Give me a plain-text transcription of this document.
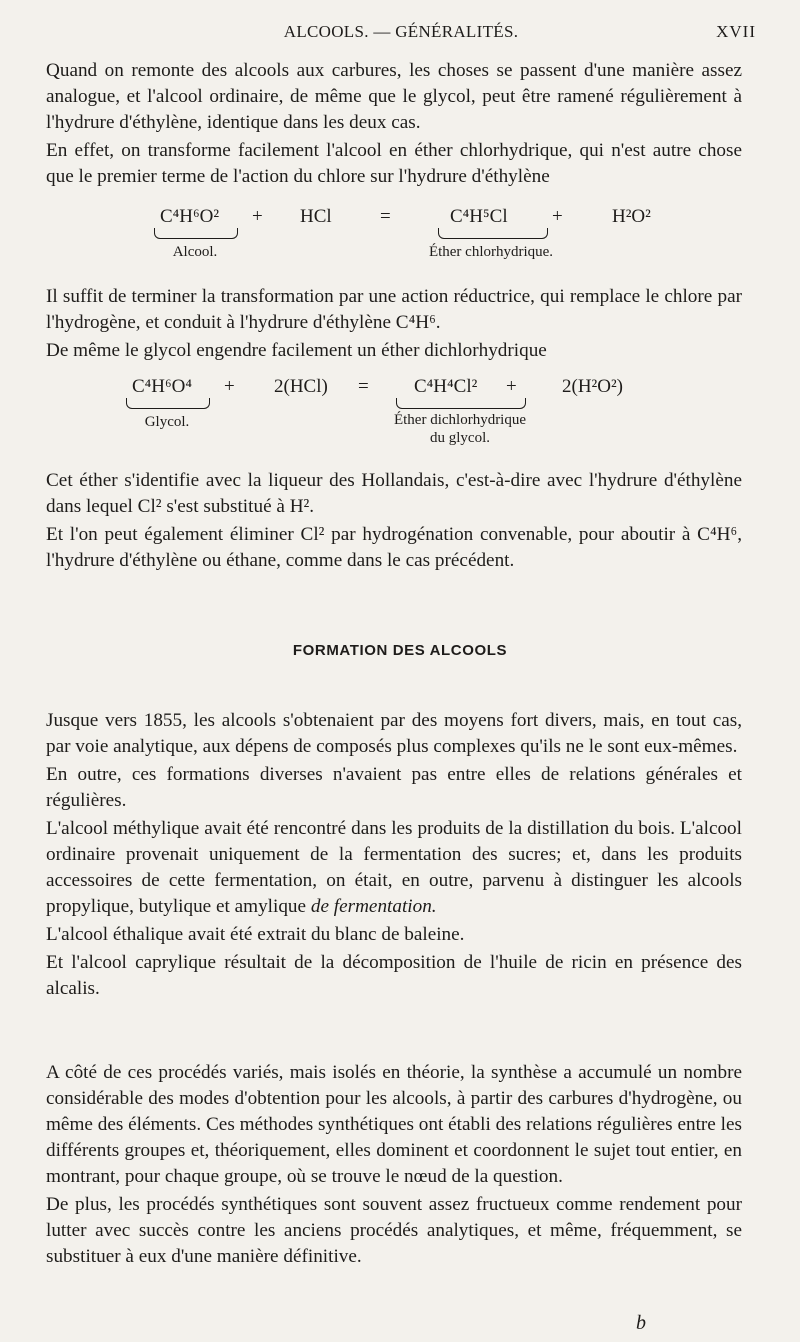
ALCOOLS. — GÉNÉRALITÉS.	XVII

Quand on remonte des alcools aux carbures, les choses se passent d'une manière assez analogue, et l'alcool ordinaire, de même que le glycol, peut être ramené régulièrement à l'hydrure d'éthylène, identique dans les deux cas.

En effet, on transforme facilement l'alcool en éther chlorhydrique, qui n'est autre chose que le premier terme de l'action du chlore sur l'hydrure d'éthylène

C⁴H⁶O² + HCl	=	C⁴H⁵Cl +	H²O²
Alcool.	Éther chlorhydrique.

Il suffit de terminer la transformation par une action réductrice, qui remplace le chlore par l'hydrogène, et conduit à l'hydrure d'éthylène C⁴H⁶.

De même le glycol engendre facilement un éther dichlorhydrique

C⁴H⁶O⁴ + 2(HCl) = C⁴H⁴Cl² + 2(H²O²)
Glycol.	Éther dichlorhydrique
du glycol.

Cet éther s'identifie avec la liqueur des Hollandais, c'est-à-dire avec l'hydrure d'éthylène dans lequel Cl² s'est substitué à H².

Et l'on peut également éliminer Cl² par hydrogénation convenable, pour aboutir à C⁴H⁶, l'hydrure d'éthylène ou éthane, comme dans le cas précédent.

FORMATION DES ALCOOLS

Jusque vers 1855, les alcools s'obtenaient par des moyens fort divers, mais, en tout cas, par voie analytique, aux dépens de composés plus complexes qu'ils ne le sont eux-mêmes.

En outre, ces formations diverses n'avaient pas entre elles de relations générales et régulières.

L'alcool méthylique avait été rencontré dans les produits de la distillation du bois. L'alcool ordinaire provenait uniquement de la fermentation des sucres; et, dans les produits accessoires de cette fermentation, on était, en outre, parvenu à distinguer les alcools propylique, butylique et amylique de fermentation.

L'alcool éthalique avait été extrait du blanc de baleine.

Et l'alcool caprylique résultait de la décomposition de l'huile de ricin en présence des alcalis.

A côté de ces procédés variés, mais isolés en théorie, la synthèse a accumulé un nombre considérable des modes d'obtention pour les alcools, à partir des carbures d'hydrogène, ou même des éléments. Ces méthodes synthétiques ont établi des relations régulières entre les différents groupes et, théoriquement, elles dominent et coordonnent le sujet tout entier, en montrant, pour chaque groupe, où se trouve le nœud de la question.

De plus, les procédés synthétiques sont souvent assez fructueux comme rendement pour lutter avec succès contre les anciens procédés analytiques, et même, fréquemment, se substituer à eux d'une manière définitive.

b
